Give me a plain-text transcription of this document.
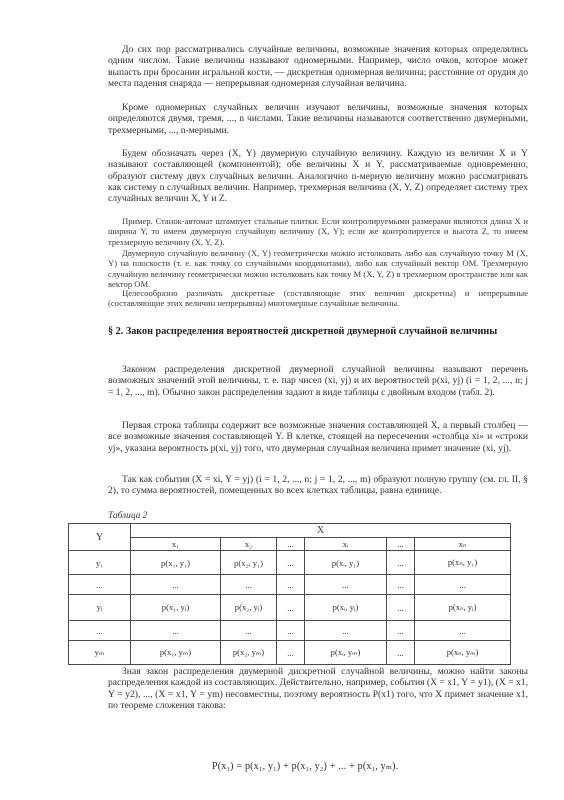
До сих пор рассматривались случайные величины, возможные значения которых определялись одним числом. Такие величины называют одномерными. Например, число очков, которое может выпасть при бросании игральной кости, — дискретная одномерная величина; расстояние от орудия до места падения снаряда — непрерывная одномерная случайная величина.
Кроме одномерных случайных величин изучают величины, возможные значения которых определяются двумя, тремя, ..., n числами. Такие величины называются соответственно двумерными, трехмерными, ..., n-мерными.
Будем обозначать через (X, Y) двумерную случайную величину. Каждую из величин X и Y называют составляющей (компонентой); обе величины X и Y, рассматриваемые одновременно, образуют систему двух случайных величин. Аналогично n-мерную величину можно рассматривать как систему n случайных величин. Например, трехмерная величина (X, Y, Z) определяет систему трех случайных величин X, Y и Z.
Пример. Станок-автомат штампует стальные плитки. Если контролируемыми размерами являются длина X и ширина Y, то имеем двумерную случайную величину (X, Y); если же контролируется и высота Z, то имеем трехмерную величину (X, Y, Z).
Двумерную случайную величину (X, Y) геометрически можно истолковать либо как случайную точку M (X, Y) на плоскости (т. е. как точку со случайными координатами), либо как случайный вектор OM. Трехмерную случайную величину геометрически можно истолковать как точку M (X, Y, Z) в трехмерном пространстве или как вектор OM.
Целесообразно различать дискретные (составляющие этих величин дискретны) и непрерывные (составляющие этих величин непрерывны) многомерные случайные величины.
§ 2. Закон распределения вероятностей дискретной двумерной случайной величины
Законом распределения дискретной двумерной случайной величины называют перечень возможных значений этой величины, т. е. пар чисел (xi, yj) и их вероятностей p(xi, yj) (i = 1, 2, ..., n; j = 1, 2, ..., m). Обычно закон распределения задают в виде таблицы с двойным входом (табл. 2).
Первая строка таблицы содержит все возможные значения составляющей X, а первый столбец — все возможные значения составляющей Y. В клетке, стоящей на пересечении «столбца xi» и «строки yj», указана вероятность p(xi, yj) того, что двумерная случайная величина примет значение (xi, yj).
Так как события (X = xi, Y = yj) (i = 1, 2, ..., n; j = 1, 2, ..., m) образуют полную группу (см. гл. II, § 2), то сумма вероятностей, помещенных во всех клетках таблицы, равна единице.
Таблица 2
Y	X					
	x₁	x₂	...	xᵢ	...	xₙ
y₁	p(x₁, y₁)	p(x₂, y₁)	...	p(xᵢ, y₁)	...	p(xₙ, y₁)
...	...	...	...	...	...	...
yⱼ	p(x₁, yⱼ)	p(x₂, yⱼ)	...	p(xᵢ, yⱼ)	...	p(xₙ, yⱼ)
...	...	...	...	...	...	...
yₘ	p(x₁, yₘ)	p(x₂, yₘ)	...	p(xᵢ, yₘ)	...	p(xₙ, yₘ)
Зная закон распределения двумерной дискретной случайной величины, можно найти законы распределения каждой из составляющих. Действительно, например, события (X = x1, Y = y1), (X = x1, Y = y2), ..., (X = x1, Y = ym) несовместны, поэтому вероятность P(x1) того, что X примет значение x1, по теорeме сложения такова:
P(x₁) = p(x₁, y₁) + p(x₁, y₂) + ... + p(x₁, yₘ).
